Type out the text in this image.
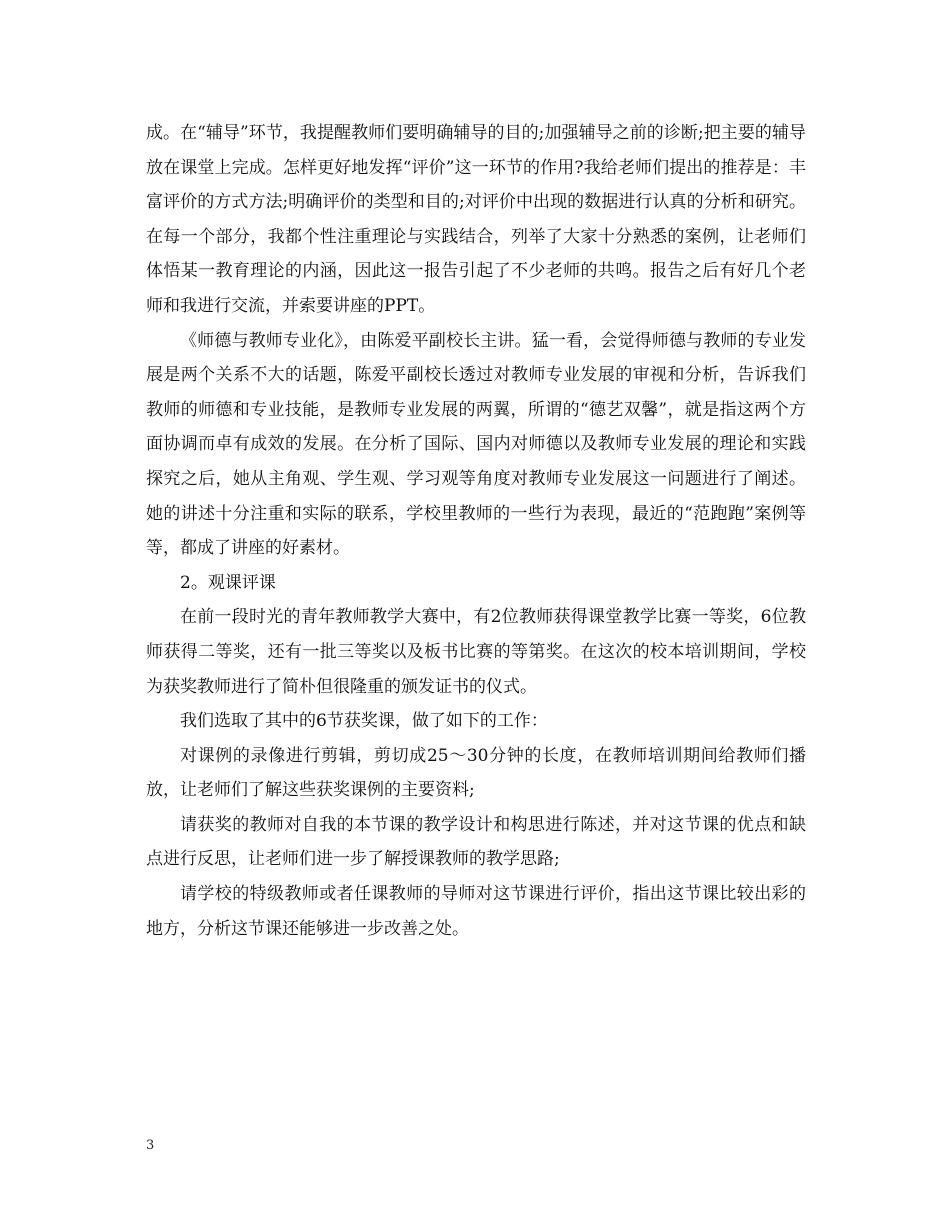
成。在“辅导”环节，我提醒教师们要明确辅导的目的;加强辅导之前的诊断;把主要的辅导放在课堂上完成。怎样更好地发挥“评价”这一环节的作用?我给老师们提出的推荐是：丰富评价的方式方法;明确评价的类型和目的;对评价中出现的数据进行认真的分析和研究。在每一个部分，我都个性注重理论与实践结合，列举了大家十分熟悉的案例，让老师们体悟某一教育理论的内涵，因此这一报告引起了不少老师的共鸣。报告之后有好几个老师和我进行交流，并索要讲座的PPT。

《师德与教师专业化》，由陈爱平副校长主讲。猛一看，会觉得师德与教师的专业发展是两个关系不大的话题，陈爱平副校长透过对教师专业发展的审视和分析，告诉我们教师的师德和专业技能，是教师专业发展的两翼，所谓的“德艺双馨”，就是指这两个方面协调而卓有成效的发展。在分析了国际、国内对师德以及教师专业发展的理论和实践探究之后，她从主角观、学生观、学习观等角度对教师专业发展这一问题进行了阐述。她的讲述十分注重和实际的联系，学校里教师的一些行为表现，最近的“范跑跑”案例等等，都成了讲座的好素材。

2。观课评课

在前一段时光的青年教师教学大赛中，有2位教师获得课堂教学比赛一等奖，6位教师获得二等奖，还有一批三等奖以及板书比赛的等第奖。在这次的校本培训期间，学校为获奖教师进行了简朴但很隆重的颁发证书的仪式。

我们选取了其中的6节获奖课，做了如下的工作：

对课例的录像进行剪辑，剪切成25～30分钟的长度，在教师培训期间给教师们播放，让老师们了解这些获奖课例的主要资料;

请获奖的教师对自我的本节课的教学设计和构思进行陈述，并对这节课的优点和缺点进行反思，让老师们进一步了解授课教师的教学思路;

请学校的特级教师或者任课教师的导师对这节课进行评价，指出这节课比较出彩的地方，分析这节课还能够进一步改善之处。

3
